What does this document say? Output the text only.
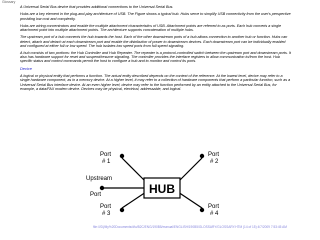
Glossary

A Universal Serial Bus device that provides additional connections to the Universal Serial Bus.

Hubs are a key element in the plug-and-play architecture of USB. The Figure shows a typical hub. Hubs serve to simplify USB connectivity from the user's perspective providing low cost and complexity.

Hubs are wiring concentrators and enable the multiple attachment characteristics of USB. Attachment points are referred to as ports. Each hub converts a single attachment point into multiple attachment points. The architecture supports concatenation of multiple hubs.

The upstream port of a hub connects the hub towards the host. Each of the other downstream ports of a hub allows connection to another hub or function. Hubs can detect, attach and detach at each downstream port and enable the distribution of power to downstream devices. Each downstream port can be individually enabled and configured at either full or low speed. The hub isolates low speed ports from full speed signaling.

A hub consists of two portions: the Hub Controller and Hub Repeater. The repeater is a protocol-controlled switch between the upstream port and downstream ports. It also has hardware support for reset and suspend/resume signaling. The controller provides the interface registers to allow communication to/from the host. Hub specific status and control commands permit the host to configure a hub and to monitor and control its ports.

Device

A logical or physical entity that performs a function. The actual entity described depends on the context of the reference. At the lowest level, device may refer to a single hardware component, as in a memory device. At a higher level, it may refer to a collection of hardware components that perform a particular function, such as a Universal Serial Bus interface device. At an even higher level, device may refer to the function performed by an entity attached to the Universal Serial Bus, for example, a data/FAX modem device. Devices may be physical, electrical, addressable, and logical.

Port
# 1
Port
# 2
Port
# 3
Port
# 4
Upstream
Port	HUB
file:///D|/My%20Documents/dfu/B2C/ENG/190B5/manual/ENGLISH/190B5/GLOSSARY/GLOSSARY.HTM (14 of 15) 4/7/2009 7:53:45 AM
